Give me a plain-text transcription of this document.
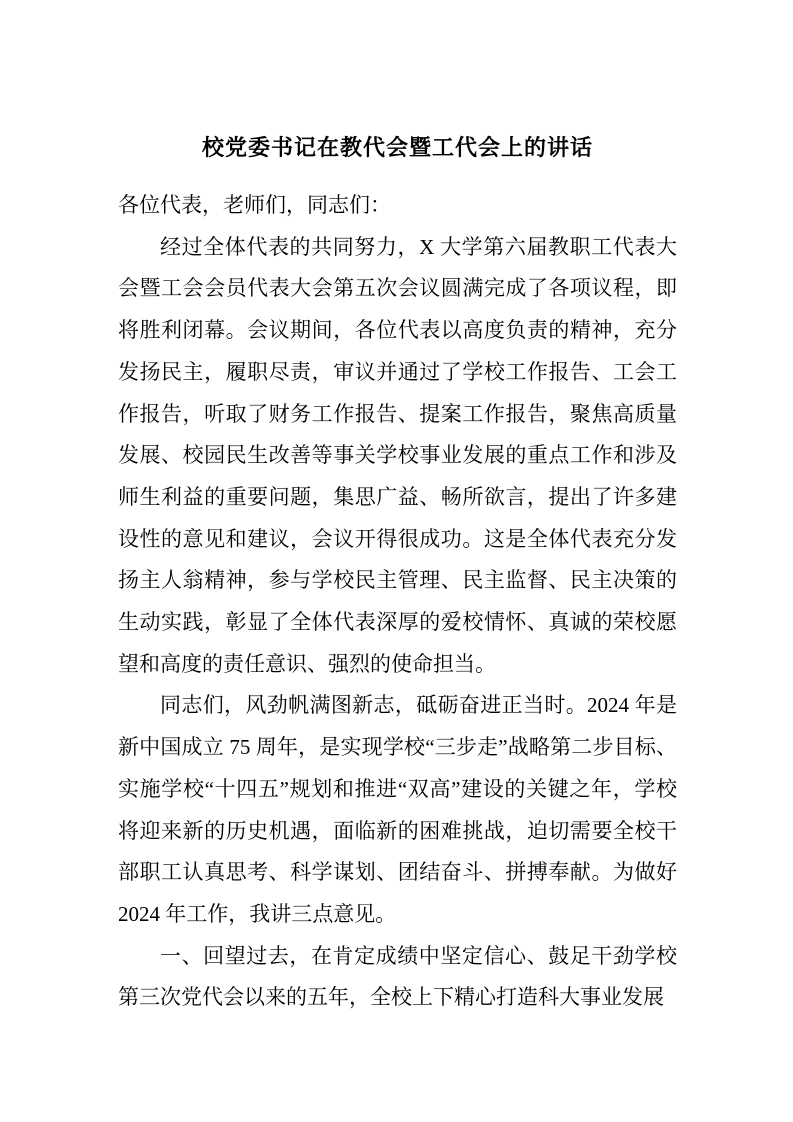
校党委书记在教代会暨工代会上的讲话

各位代表，老师们，同志们：

经过全体代表的共同努力，X 大学第六届教职工代表大会暨工会会员代表大会第五次会议圆满完成了各项议程，即将胜利闭幕。会议期间，各位代表以高度负责的精神，充分发扬民主，履职尽责，审议并通过了学校工作报告、工会工作报告，听取了财务工作报告、提案工作报告，聚焦高质量发展、校园民生改善等事关学校事业发展的重点工作和涉及师生利益的重要问题，集思广益、畅所欲言，提出了许多建设性的意见和建议，会议开得很成功。这是全体代表充分发扬主人翁精神，参与学校民主管理、民主监督、民主决策的生动实践，彰显了全体代表深厚的爱校情怀、真诚的荣校愿望和高度的责任意识、强烈的使命担当。

同志们，风劲帆满图新志，砥砺奋进正当时。2024 年是新中国成立 75 周年，是实现学校“三步走”战略第二步目标、实施学校“十四五”规划和推进“双高”建设的关键之年，学校将迎来新的历史机遇，面临新的困难挑战，迫切需要全校干部职工认真思考、科学谋划、团结奋斗、拼搏奉献。为做好 2024 年工作，我讲三点意见。

一、回望过去，在肯定成绩中坚定信心、鼓足干劲学校第三次党代会以来的五年，全校上下精心打造科大事业发展
